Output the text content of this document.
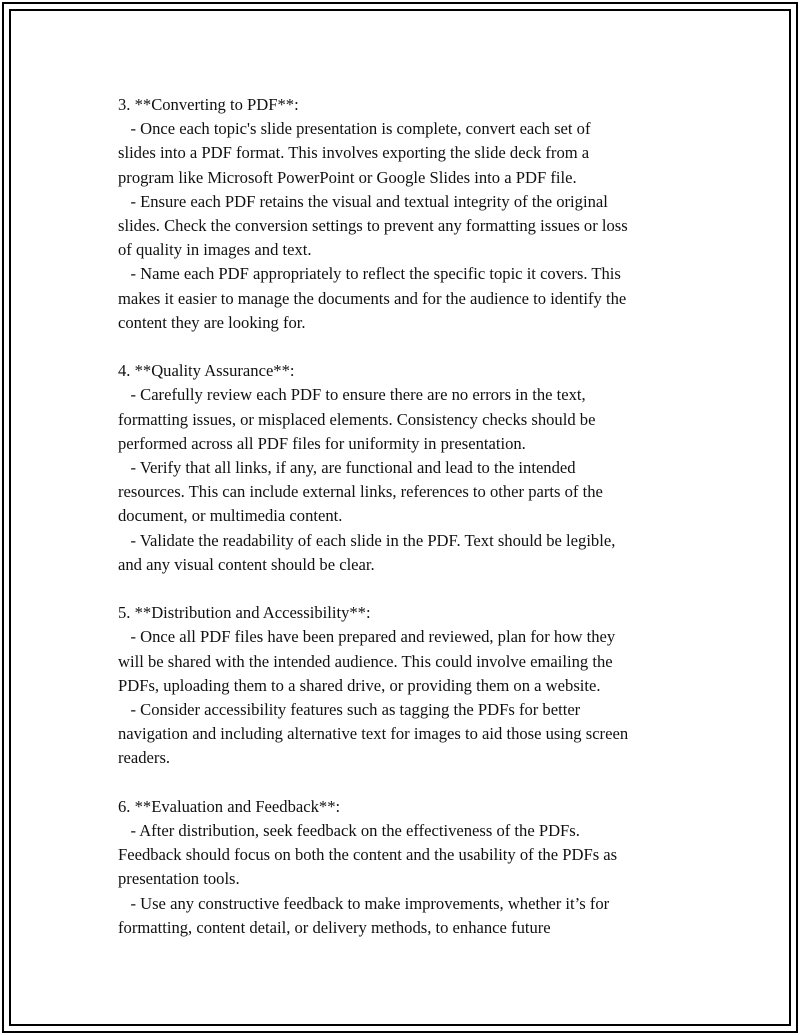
3. **Converting to PDF**:
- Once each topic's slide presentation is complete, convert each set of
slides into a PDF format. This involves exporting the slide deck from a
program like Microsoft PowerPoint or Google Slides into a PDF file.
- Ensure each PDF retains the visual and textual integrity of the original
slides. Check the conversion settings to prevent any formatting issues or loss
of quality in images and text.
- Name each PDF appropriately to reflect the specific topic it covers. This
makes it easier to manage the documents and for the audience to identify the
content they are looking for.
4. **Quality Assurance**:
- Carefully review each PDF to ensure there are no errors in the text,
formatting issues, or misplaced elements. Consistency checks should be
performed across all PDF files for uniformity in presentation.
- Verify that all links, if any, are functional and lead to the intended
resources. This can include external links, references to other parts of the
document, or multimedia content.
- Validate the readability of each slide in the PDF. Text should be legible,
and any visual content should be clear.
5. **Distribution and Accessibility**:
- Once all PDF files have been prepared and reviewed, plan for how they
will be shared with the intended audience. This could involve emailing the
PDFs, uploading them to a shared drive, or providing them on a website.
- Consider accessibility features such as tagging the PDFs for better
navigation and including alternative text for images to aid those using screen
readers.
6. **Evaluation and Feedback**:
- After distribution, seek feedback on the effectiveness of the PDFs.
Feedback should focus on both the content and the usability of the PDFs as
presentation tools.
- Use any constructive feedback to make improvements, whether it’s for
formatting, content detail, or delivery methods, to enhance future
